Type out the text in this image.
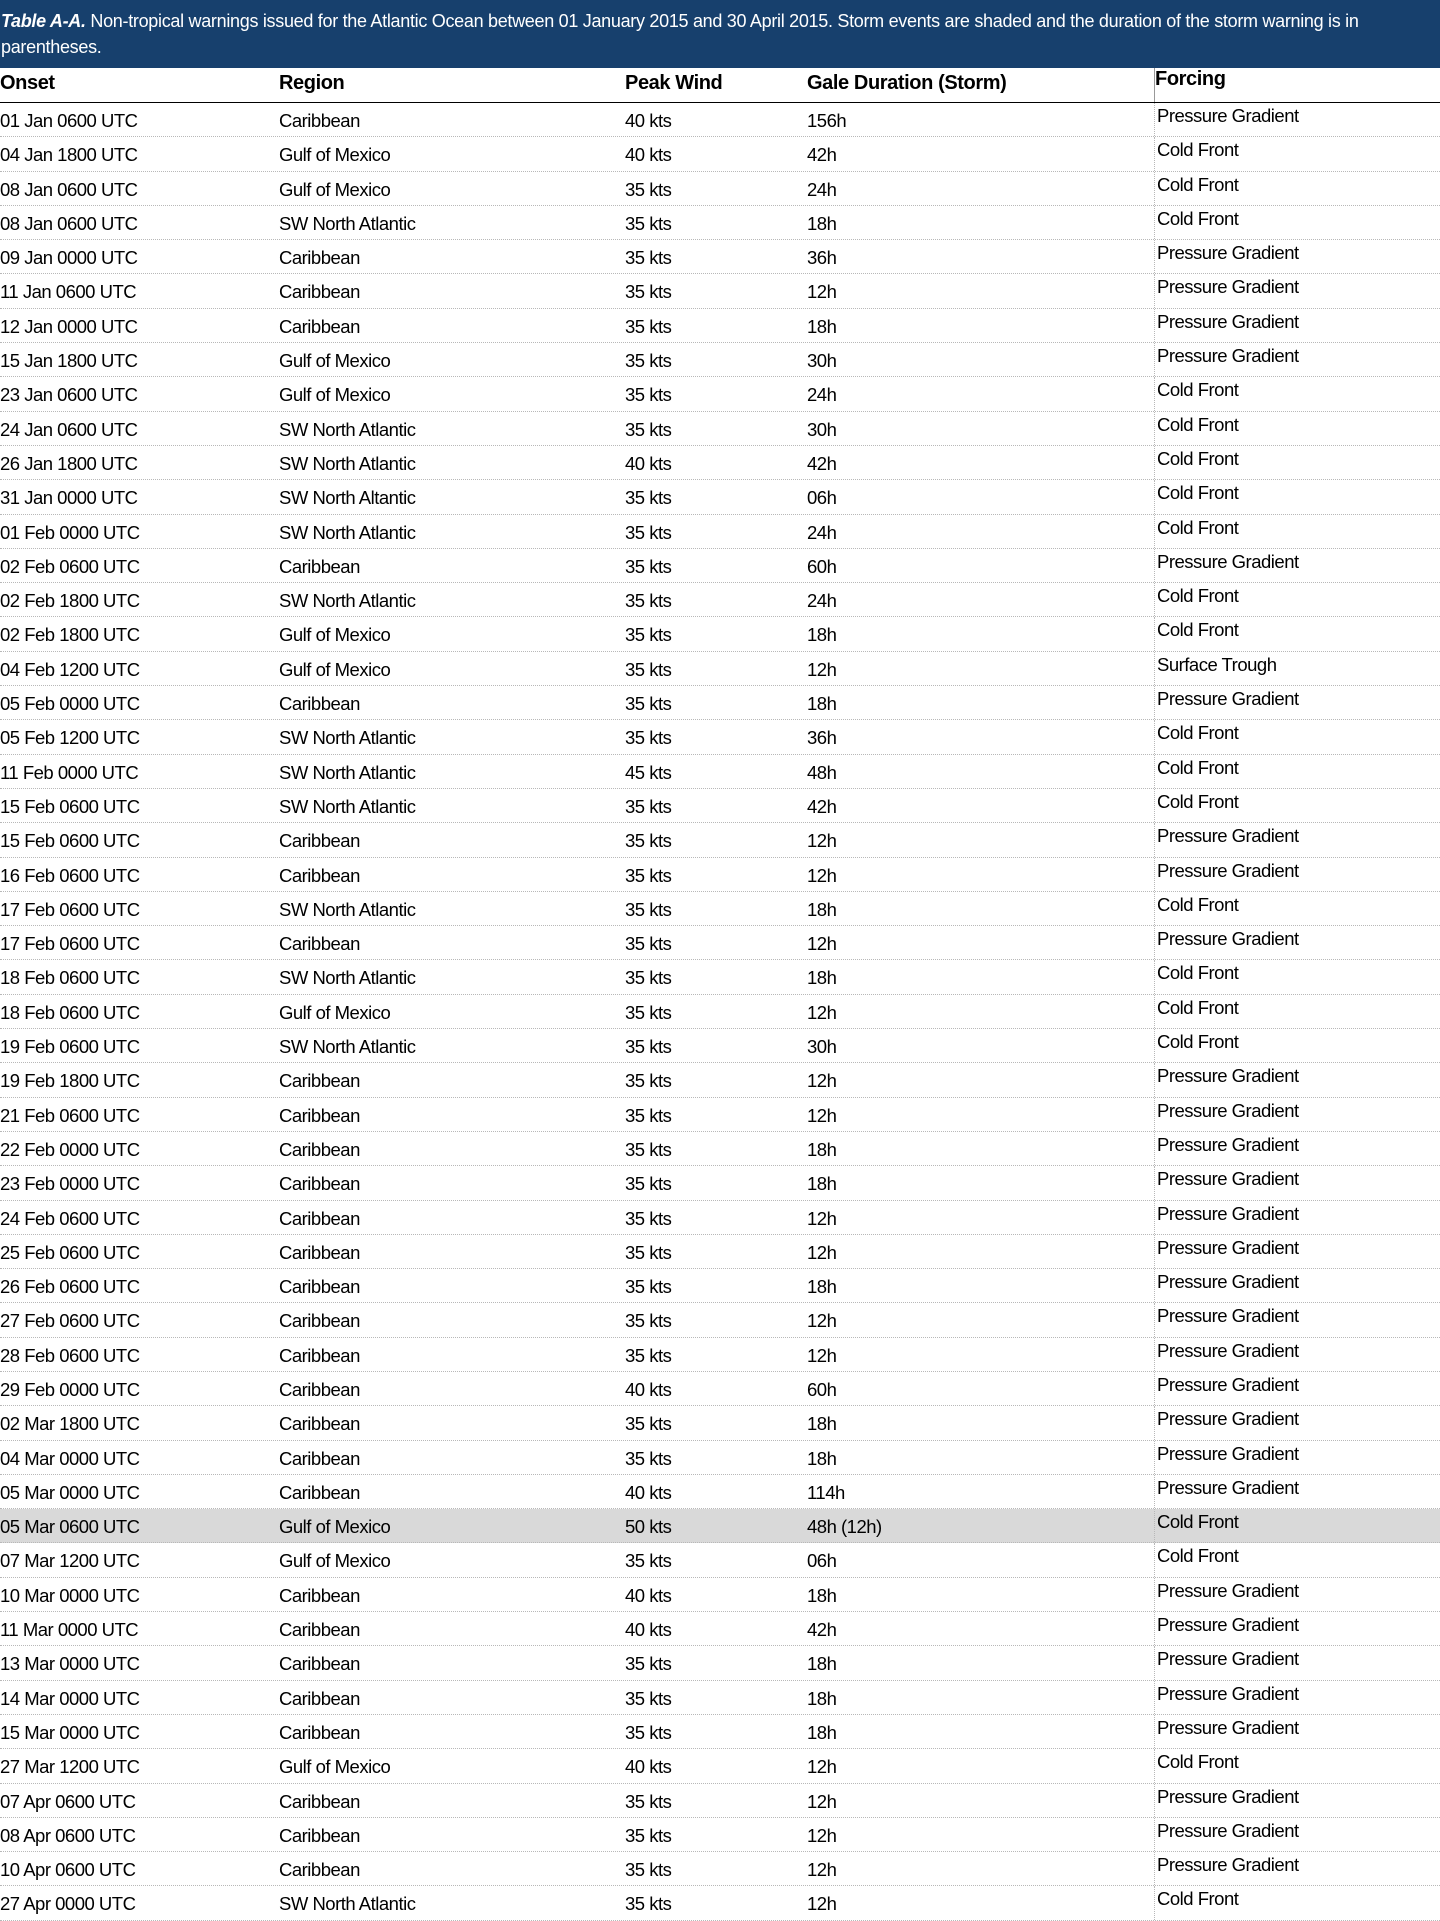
Table A-A. Non-tropical warnings issued for the Atlantic Ocean between 01 January 2015 and 30 April 2015. Storm events are shaded and the duration of the storm warning is in parentheses.
Onset	Region	Peak Wind	Gale Duration (Storm)	Forcing
01 Jan 0600 UTC	Caribbean	40 kts	156h	Pressure Gradient
04 Jan 1800 UTC	Gulf of Mexico	40 kts	42h	Cold Front
08 Jan 0600 UTC	Gulf of Mexico	35 kts	24h	Cold Front
08 Jan 0600 UTC	SW North Atlantic	35 kts	18h	Cold Front
09 Jan 0000 UTC	Caribbean	35 kts	36h	Pressure Gradient
11 Jan 0600 UTC	Caribbean	35 kts	12h	Pressure Gradient
12 Jan 0000 UTC	Caribbean	35 kts	18h	Pressure Gradient
15 Jan 1800 UTC	Gulf of Mexico	35 kts	30h	Pressure Gradient
23 Jan 0600 UTC	Gulf of Mexico	35 kts	24h	Cold Front
24 Jan 0600 UTC	SW North Atlantic	35 kts	30h	Cold Front
26 Jan 1800 UTC	SW North Atlantic	40 kts	42h	Cold Front
31 Jan 0000 UTC	SW North Altantic	35 kts	06h	Cold Front
01 Feb 0000 UTC	SW North Atlantic	35 kts	24h	Cold Front
02 Feb 0600 UTC	Caribbean	35 kts	60h	Pressure Gradient
02 Feb 1800 UTC	SW North Atlantic	35 kts	24h	Cold Front
02 Feb 1800 UTC	Gulf of Mexico	35 kts	18h	Cold Front
04 Feb 1200 UTC	Gulf of Mexico	35 kts	12h	Surface Trough
05 Feb 0000 UTC	Caribbean	35 kts	18h	Pressure Gradient
05 Feb 1200 UTC	SW North Atlantic	35 kts	36h	Cold Front
11 Feb 0000 UTC	SW North Atlantic	45 kts	48h	Cold Front
15 Feb 0600 UTC	SW North Atlantic	35 kts	42h	Cold Front
15 Feb 0600 UTC	Caribbean	35 kts	12h	Pressure Gradient
16 Feb 0600 UTC	Caribbean	35 kts	12h	Pressure Gradient
17 Feb 0600 UTC	SW North Atlantic	35 kts	18h	Cold Front
17 Feb 0600 UTC	Caribbean	35 kts	12h	Pressure Gradient
18 Feb 0600 UTC	SW North Atlantic	35 kts	18h	Cold Front
18 Feb 0600 UTC	Gulf of Mexico	35 kts	12h	Cold Front
19 Feb 0600 UTC	SW North Atlantic	35 kts	30h	Cold Front
19 Feb 1800 UTC	Caribbean	35 kts	12h	Pressure Gradient
21 Feb 0600 UTC	Caribbean	35 kts	12h	Pressure Gradient
22 Feb 0000 UTC	Caribbean	35 kts	18h	Pressure Gradient
23 Feb 0000 UTC	Caribbean	35 kts	18h	Pressure Gradient
24 Feb 0600 UTC	Caribbean	35 kts	12h	Pressure Gradient
25 Feb 0600 UTC	Caribbean	35 kts	12h	Pressure Gradient
26 Feb 0600 UTC	Caribbean	35 kts	18h	Pressure Gradient
27 Feb 0600 UTC	Caribbean	35 kts	12h	Pressure Gradient
28 Feb 0600 UTC	Caribbean	35 kts	12h	Pressure Gradient
29 Feb 0000 UTC	Caribbean	40 kts	60h	Pressure Gradient
02 Mar 1800 UTC	Caribbean	35 kts	18h	Pressure Gradient
04 Mar 0000 UTC	Caribbean	35 kts	18h	Pressure Gradient
05 Mar 0000 UTC	Caribbean	40 kts	114h	Pressure Gradient
05 Mar 0600 UTC	Gulf of Mexico	50 kts	48h (12h)	Cold Front
07 Mar 1200 UTC	Gulf of Mexico	35 kts	06h	Cold Front
10 Mar 0000 UTC	Caribbean	40 kts	18h	Pressure Gradient
11 Mar 0000 UTC	Caribbean	40 kts	42h	Pressure Gradient
13 Mar 0000 UTC	Caribbean	35 kts	18h	Pressure Gradient
14 Mar 0000 UTC	Caribbean	35 kts	18h	Pressure Gradient
15 Mar 0000 UTC	Caribbean	35 kts	18h	Pressure Gradient
27 Mar 1200 UTC	Gulf of Mexico	40 kts	12h	Cold Front
07 Apr 0600 UTC	Caribbean	35 kts	12h	Pressure Gradient
08 Apr 0600 UTC	Caribbean	35 kts	12h	Pressure Gradient
10 Apr 0600 UTC	Caribbean	35 kts	12h	Pressure Gradient
27 Apr 0000 UTC	SW North Atlantic	35 kts	12h	Cold Front
